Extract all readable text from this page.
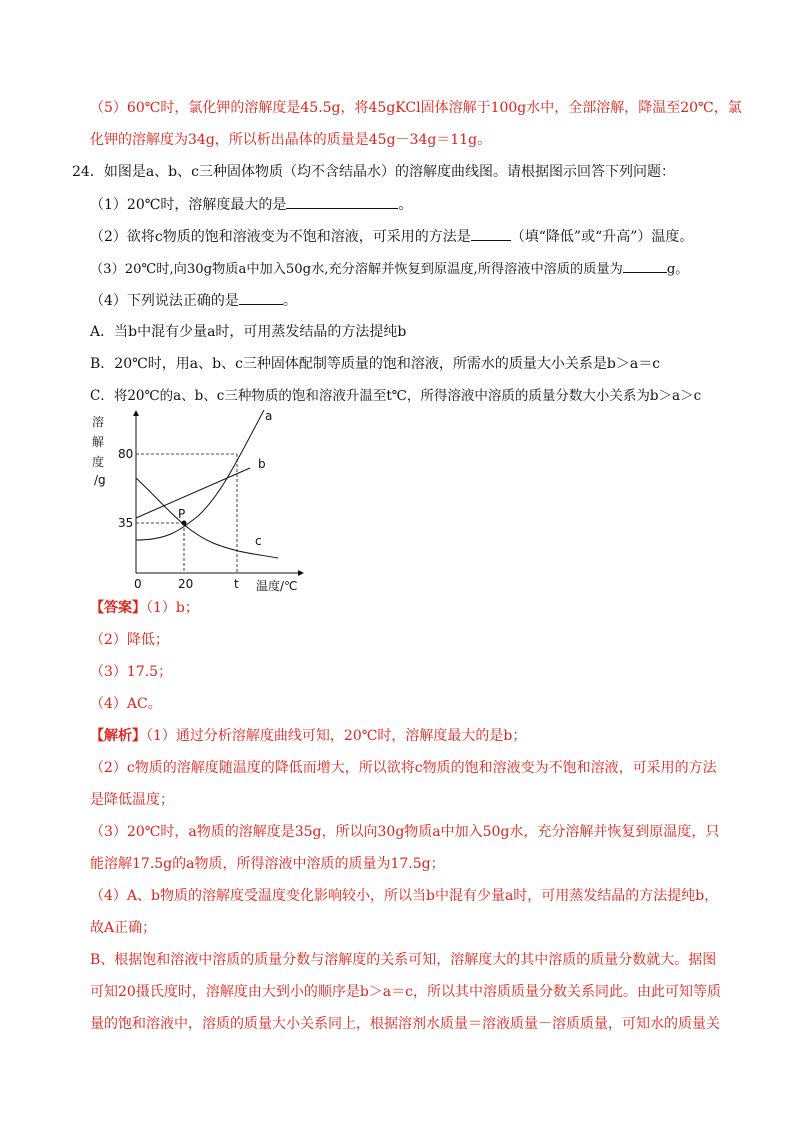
（5）60℃时，氯化钾的溶解度是45.5g，将45gKCl固体溶解于100g水中，全部溶解，降温至20℃，氯
化钾的溶解度为34g，所以析出晶体的质量是45g－34g＝11g。
24．如图是a、b、c三种固体物质（均不含结晶水）的溶解度曲线图。请根据图示回答下列问题：
（1）20℃时，溶解度最大的是	。
（2）欲将c物质的饱和溶液变为不饱和溶液，可采用的方法是	（填“降低”或“升高”）温度。
（3）20℃时,向30g物质a中加入50g水,充分溶解并恢复到原温度,所得溶液中溶质的质量为	g。
（4）下列说法正确的是	。
A．当b中混有少量a时，可用蒸发结晶的方法提纯b
B．20℃时，用a、b、c三种固体配制等质量的饱和溶液，所需水的质量大小关系是b＞a＝c
C．将20℃的a、b、c三种物质的饱和溶液升温至t℃，所得溶液中溶质的质量分数大小关系为b＞a＞c
P
a
b
c
溶
解
度
/g
80
35
0	20	t 温度/℃
【答案】（1）b；
（2）降低；
（3）17.5；
（4）AC。
【解析】（1）通过分析溶解度曲线可知，20℃时，溶解度最大的是b；
（2）c物质的溶解度随温度的降低而增大，所以欲将c物质的饱和溶液变为不饱和溶液，可采用的方法
是降低温度；
（3）20℃时，a物质的溶解度是35g，所以向30g物质a中加入50g水，充分溶解并恢复到原温度，只
能溶解17.5g的a物质，所得溶液中溶质的质量为17.5g；
（4）A、b物质的溶解度受温度变化影响较小，所以当b中混有少量a时，可用蒸发结晶的方法提纯b，
故A正确；
B、根据饱和溶液中溶质的质量分数与溶解度的关系可知，溶解度大的其中溶质的质量分数就大。据图
可知20摄氏度时，溶解度由大到小的顺序是b＞a＝c，所以其中溶质质量分数关系同此。由此可知等质
量的饱和溶液中，溶质的质量大小关系同上，根据溶剂水质量＝溶液质量－溶质质量，可知水的质量关
